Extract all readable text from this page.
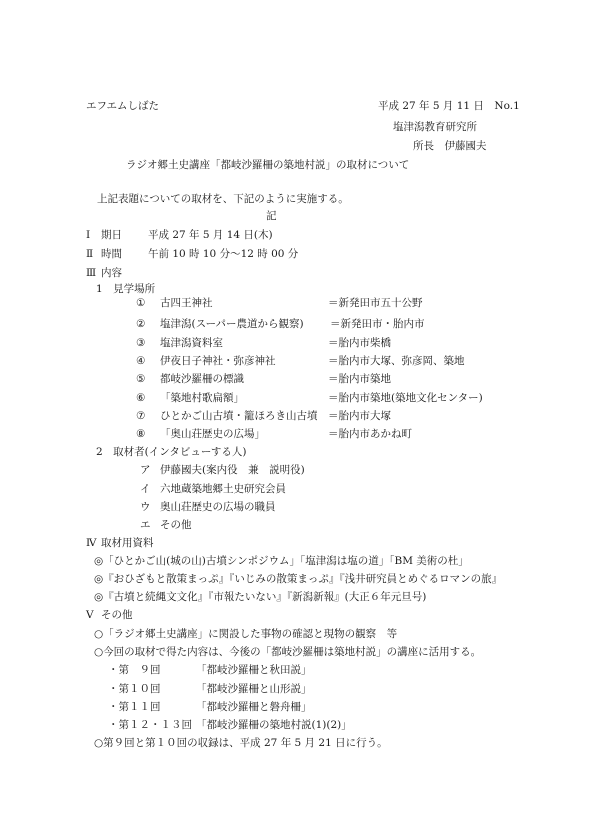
エフエムしばた	平成 27 年 5 月 11 日　No.1
塩津潟教育研究所
所長　伊藤國夫
ラジオ郷土史講座「都岐沙羅柵の築地村説」の取材について
上記表題についての取材を、下記のように実施する。
記
Ⅰ 期日 平成 27 年 5 月 14 日(木)
Ⅱ 時間 午前 10 時 10 分～12 時 00 分
Ⅲ 内容
1　見学場所
① 古四王神社	＝新発田市五十公野
② 塩津潟(スーパー農道から観察)	＝新発田市・胎内市
③ 塩津潟資料室	＝胎内市柴橋
④ 伊夜日子神社・弥彦神社	＝胎内市大塚、弥彦岡、築地
⑤ 都岐沙羅柵の標識	＝胎内市築地
⑥ 「築地村歌扁額」	＝胎内市築地(築地文化センター)
⑦ ひとかご山古墳・籠ほろき山古墳 ＝胎内市大塚
⑧ 「奥山荘歴史の広場」	＝胎内市あかね町
2　取材者(インタビューする人)
ア 伊藤國夫(案内役　兼　説明役)
イ 六地蔵築地郷土史研究会員
ウ 奥山荘歴史の広場の職員
エ その他
Ⅳ 取材用資料
◎「ひとかご山(城の山)古墳シンポジウム」「塩津潟は塩の道」「BM 美術の杜」
◎『おひざもと散策まっぷ』『いじみの散策まっぷ』『浅井研究員とめぐるロマンの旅』
◎『古墳と続縄文文化』『市報たいない』『新潟新報』(大正６年元旦号)
Ⅴ その他
○「ラジオ郷土史講座」に関設した事物の確認と現物の観察　等
○今回の取材で得た内容は、今後の「都岐沙羅柵は築地村説」の講座に活用する。
・第　９回	「都岐沙羅柵と秋田説」
・第１０回	「都岐沙羅柵と山形説」
・第１１回	「都岐沙羅柵と磐舟柵」
・第１２・１３回 「都岐沙羅柵の築地村説(1)(2)」
○第９回と第１０回の収録は、平成 27 年 5 月 21 日に行う。
